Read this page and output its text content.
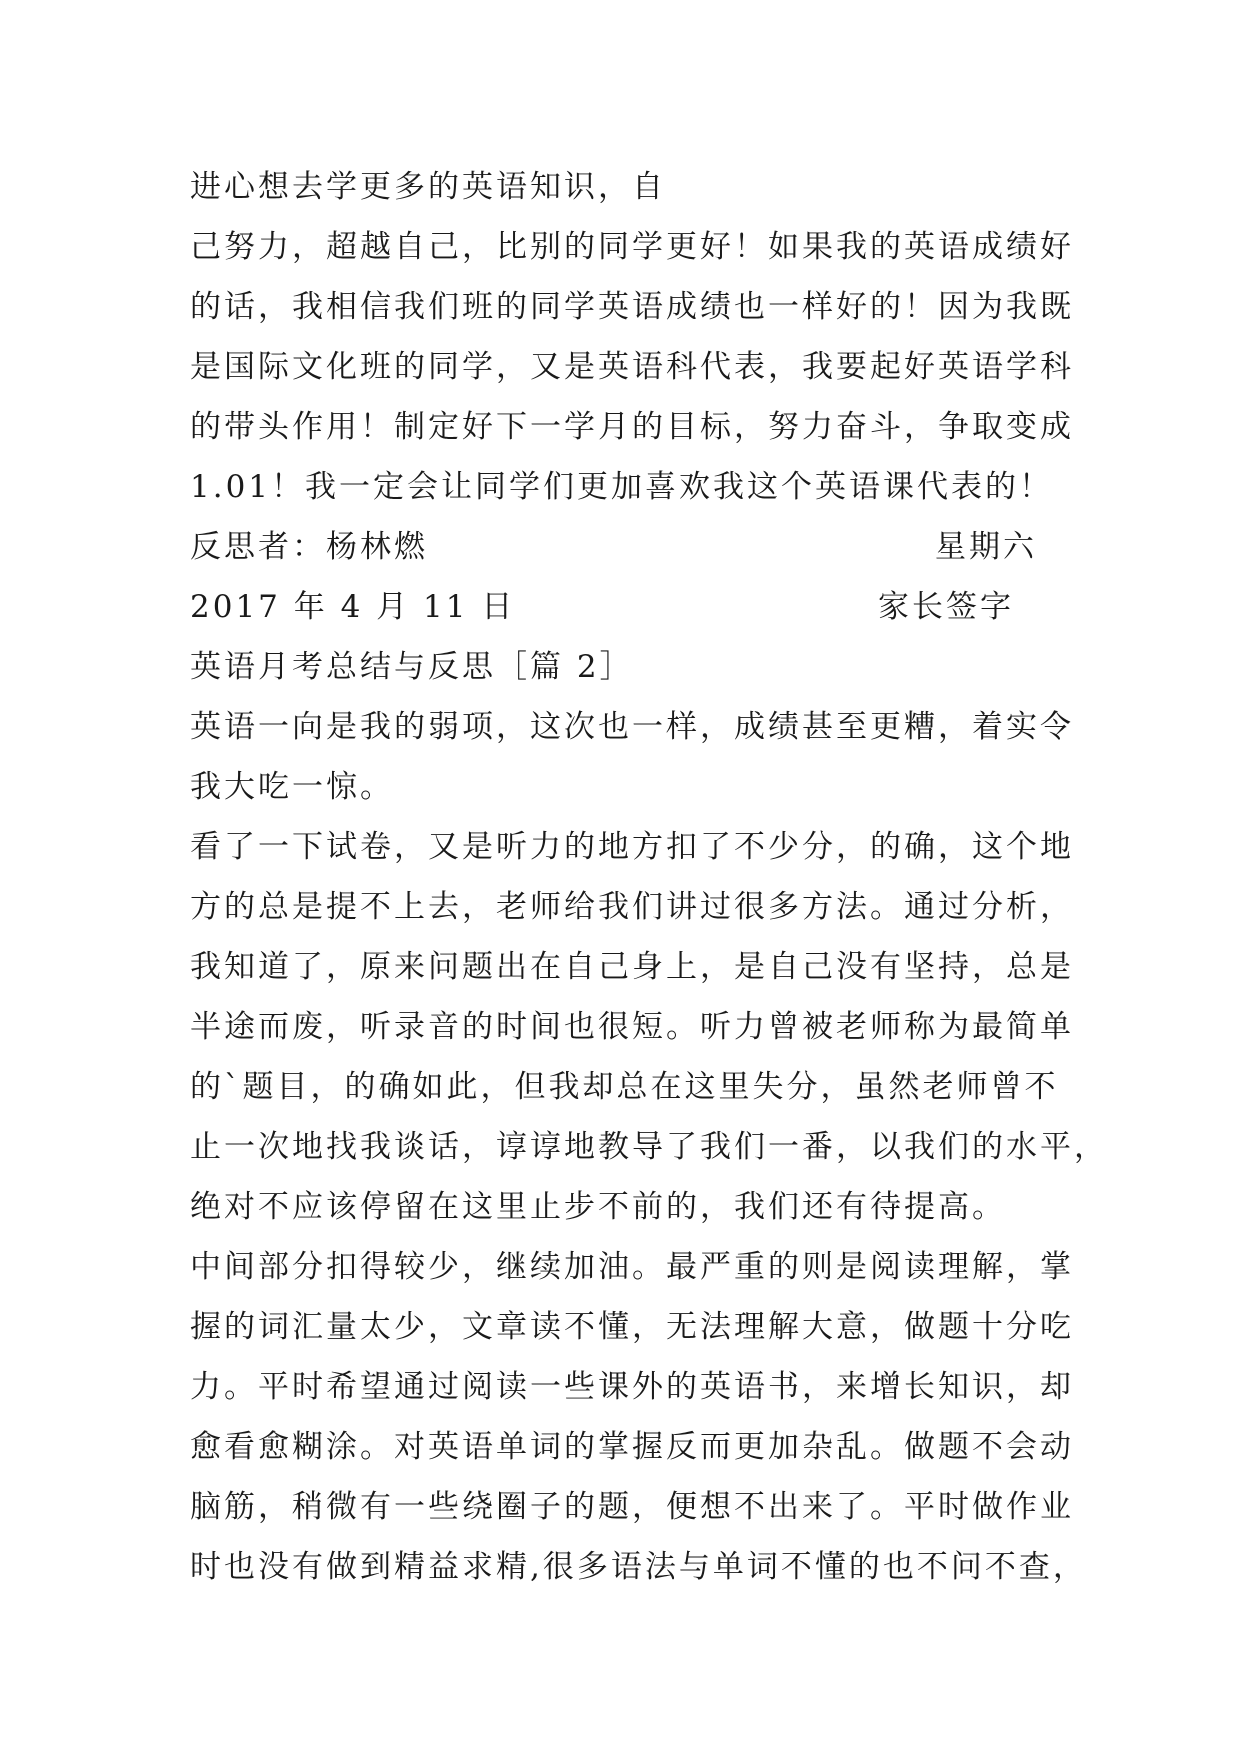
进心想去学更多的英语知识，自
己努力，超越自己，比别的同学更好！如果我的英语成绩好
的话，我相信我们班的同学英语成绩也一样好的！因为我既
是国际文化班的同学，又是英语科代表，我要起好英语学科
的带头作用！制定好下一学月的目标，努力奋斗，争取变成
1.01！我一定会让同学们更加喜欢我这个英语课代表的！
反思者：杨林燃	星期六
2017 年 4 月 11 日	家长签字
英语月考总结与反思［篇 2］
英语一向是我的弱项，这次也一样，成绩甚至更糟，着实令
我大吃一惊。
看了一下试卷，又是听力的地方扣了不少分，的确，这个地
方的总是提不上去，老师给我们讲过很多方法。通过分析，
我知道了，原来问题出在自己身上，是自己没有坚持，总是
半途而废，听录音的时间也很短。听力曾被老师称为最简单
的`题目，的确如此，但我却总在这里失分，虽然老师曾不
止一次地找我谈话，谆谆地教导了我们一番，以我们的水平，
绝对不应该停留在这里止步不前的，我们还有待提高。
中间部分扣得较少，继续加油。最严重的则是阅读理解，掌
握的词汇量太少，文章读不懂，无法理解大意，做题十分吃
力。平时希望通过阅读一些课外的英语书，来增长知识，却
愈看愈糊涂。对英语单词的掌握反而更加杂乱。做题不会动
脑筋，稍微有一些绕圈子的题，便想不出来了。平时做作业
时也没有做到精益求精,很多语法与单词不懂的也不问不查，
